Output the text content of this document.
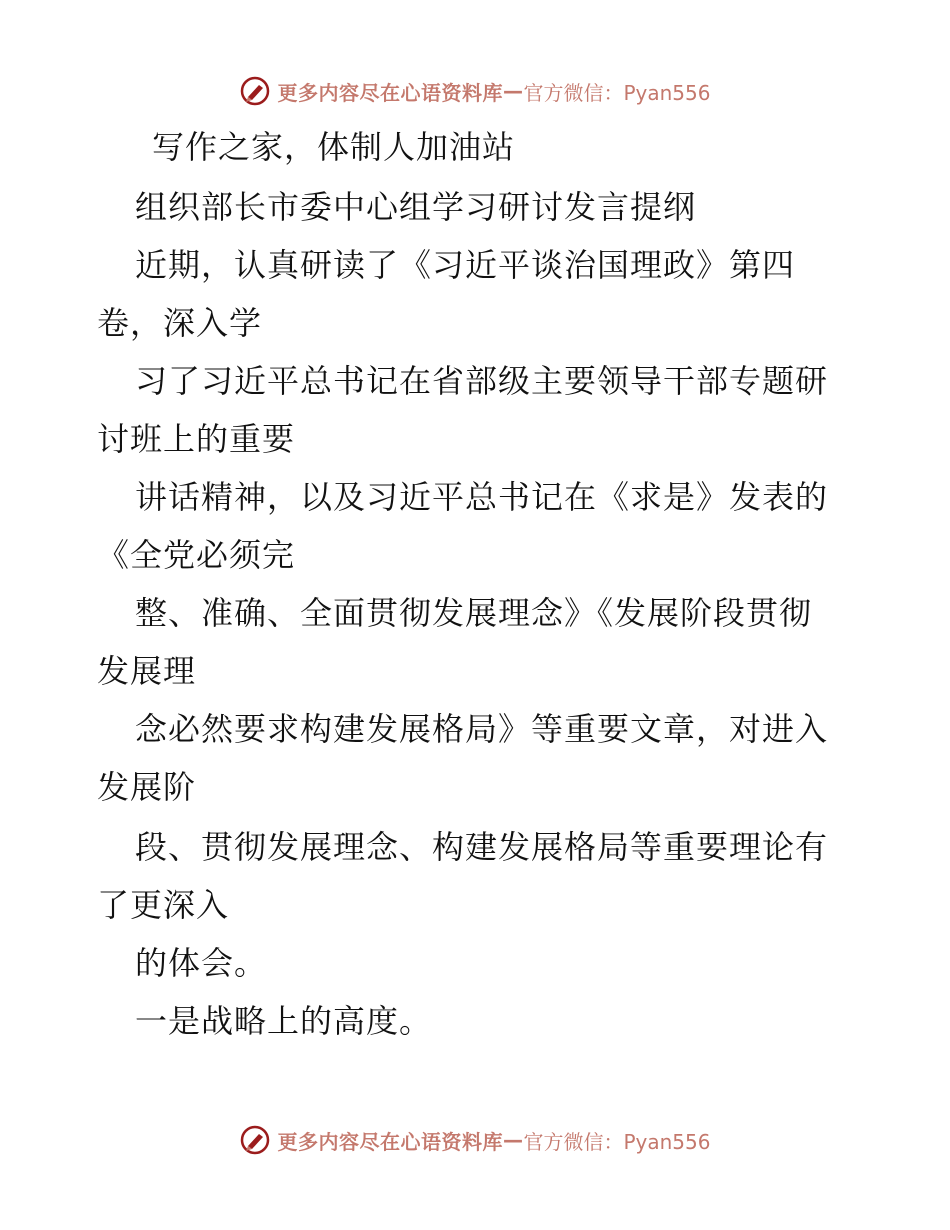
更多内容尽在心语资料库 — 官方微信：Pyan556
写作之家，体制人加油站
组织部长市委中心组学习研讨发言提纲
近期，认真研读了《习近平谈治国理政》第四
卷，深入学
习了习近平总书记在省部级主要领导干部专题研
讨班上的重要
讲话精神，以及习近平总书记在《求是》发表的
《全党必须完
整、准确、全面贯彻发展理念》《发展阶段贯彻
发展理
念必然要求构建发展格局》等重要文章，对进入
发展阶
段、贯彻发展理念、构建发展格局等重要理论有
了更深入
的体会。
一是战略上的高度。
更多内容尽在心语资料库 — 官方微信：Pyan556
